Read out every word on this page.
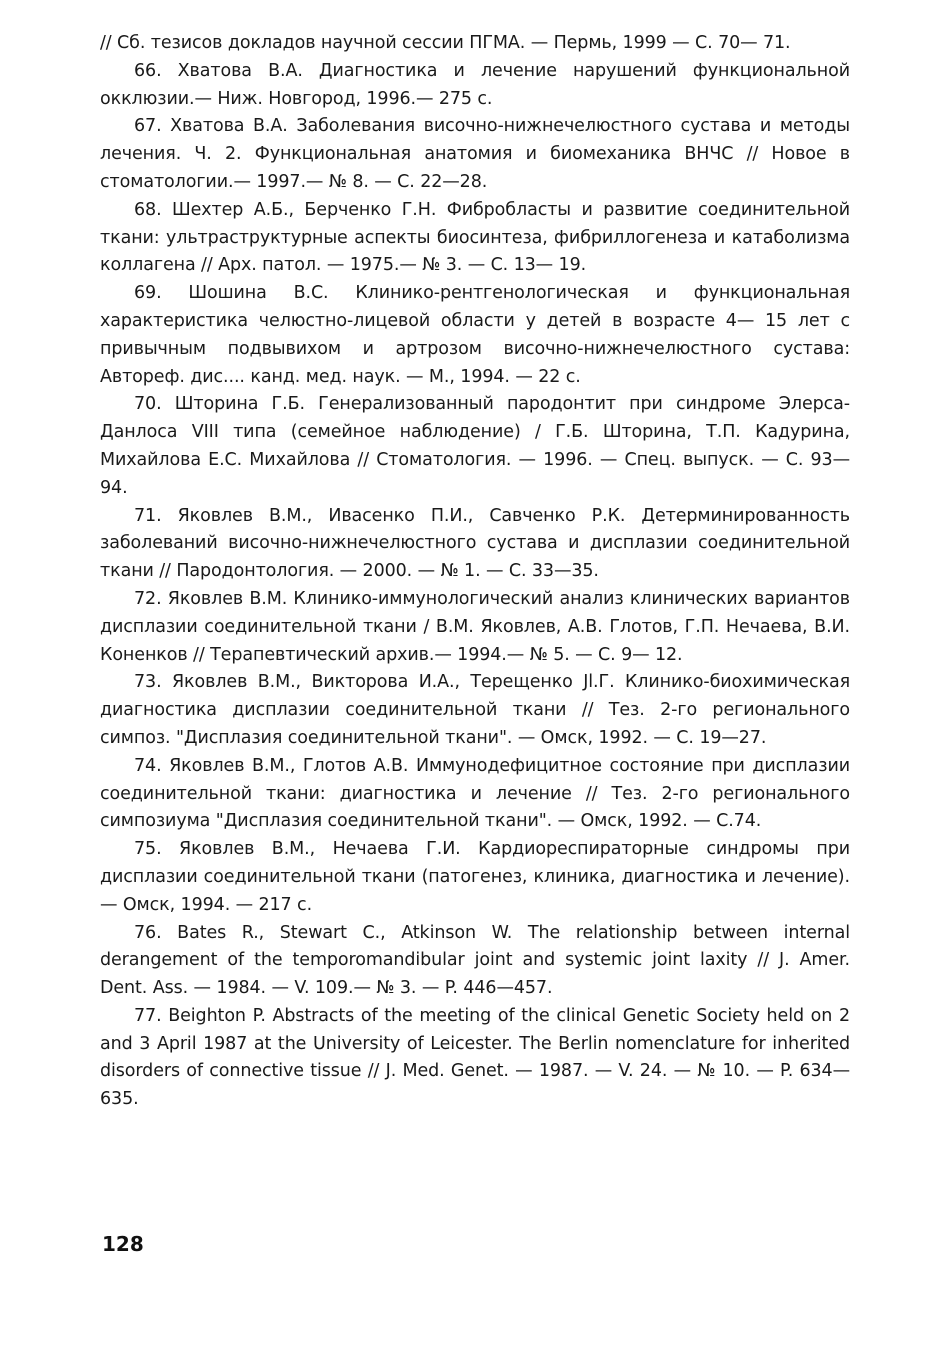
// Сб. тезисов докладов научной сессии ПГМА. — Пермь, 1999 — С. 70— 71.

66. Хватова В.А. Диагностика и лечение нарушений функциональной окклюзии.— Ниж. Новгород, 1996.— 275 с.

67. Хватова В.А. Заболевания височно-нижнечелюстного сустава и методы лечения. Ч. 2. Функциональная анатомия и биомеханика ВНЧС // Новое в стоматологии.— 1997.— № 8. — С. 22—28.

68. Шехтер А.Б., Берченко Г.Н. Фибробласты и развитие соединительной ткани: ультраструктурные аспекты биосинтеза, фибриллогенеза и катаболизма коллагена // Арх. патол. — 1975.— № 3. — С. 13— 19.

69. Шошина В.С. Клинико-рентгенологическая и функциональная характеристика челюстно-лицевой области у детей в возрасте 4— 15 лет с привычным подвывихом и артрозом височно-нижнечелюстного сустава: Автореф. дис.... канд. мед. наук. — М., 1994. — 22 с.

70. Шторина Г.Б. Генерализованный пародонтит при синдроме Элерса-Данлоса VIII типа (семейное наблюдение) / Г.Б. Шторина, Т.П. Кадурина, Михайлова Е.С. Михайлова // Стоматология. — 1996. — Спец. выпуск. — С. 93—94.

71. Яковлев В.М., Ивасенко П.И., Савченко Р.К. Детерминированность заболеваний височно-нижнечелюстного сустава и дисплазии соединительной ткани // Пародонтология. — 2000. — № 1. — С. 33—35.

72. Яковлев В.М. Клинико-иммунологический анализ клинических вариантов дисплазии соединительной ткани / В.М. Яковлев, А.В. Глотов, Г.П. Нечаева, В.И. Коненков // Терапевтический архив.— 1994.— № 5. — С. 9— 12.

73. Яковлев В.М., Викторова И.А., Терещенко Jl.Г. Клинико-биохимическая диагностика дисплазии соединительной ткани // Тез. 2-го регионального симпоз. "Дисплазия соединительной ткани". — Омск, 1992. — С. 19—27.

74. Яковлев В.М., Глотов А.В. Иммунодефицитное состояние при дисплазии соединительной ткани: диагностика и лечение // Тез. 2-го регионального симпозиума "Дисплазия соединительной ткани". — Омск, 1992. — С.74.

75. Яковлев В.М., Нечаева Г.И. Кардиореспираторные синдромы при дисплазии соединительной ткани (патогенез, клиника, диагностика и лечение). — Омск, 1994. — 217 с.

76. Bates R., Stewart C., Atkinson W. The relationship between internal derangement of the temporomandibular joint and systemic joint laxity // J. Amer. Dent. Ass. — 1984. — V. 109.— № 3. — P. 446—457.

77. Beighton P. Abstracts of the meeting of the clinical Genetic Society held on 2 and 3 April 1987 at the University of Leicester. The Berlin nomenclature for inherited disorders of connective tissue // J. Med. Genet. — 1987. — V. 24. — № 10. — P. 634—635.

128
